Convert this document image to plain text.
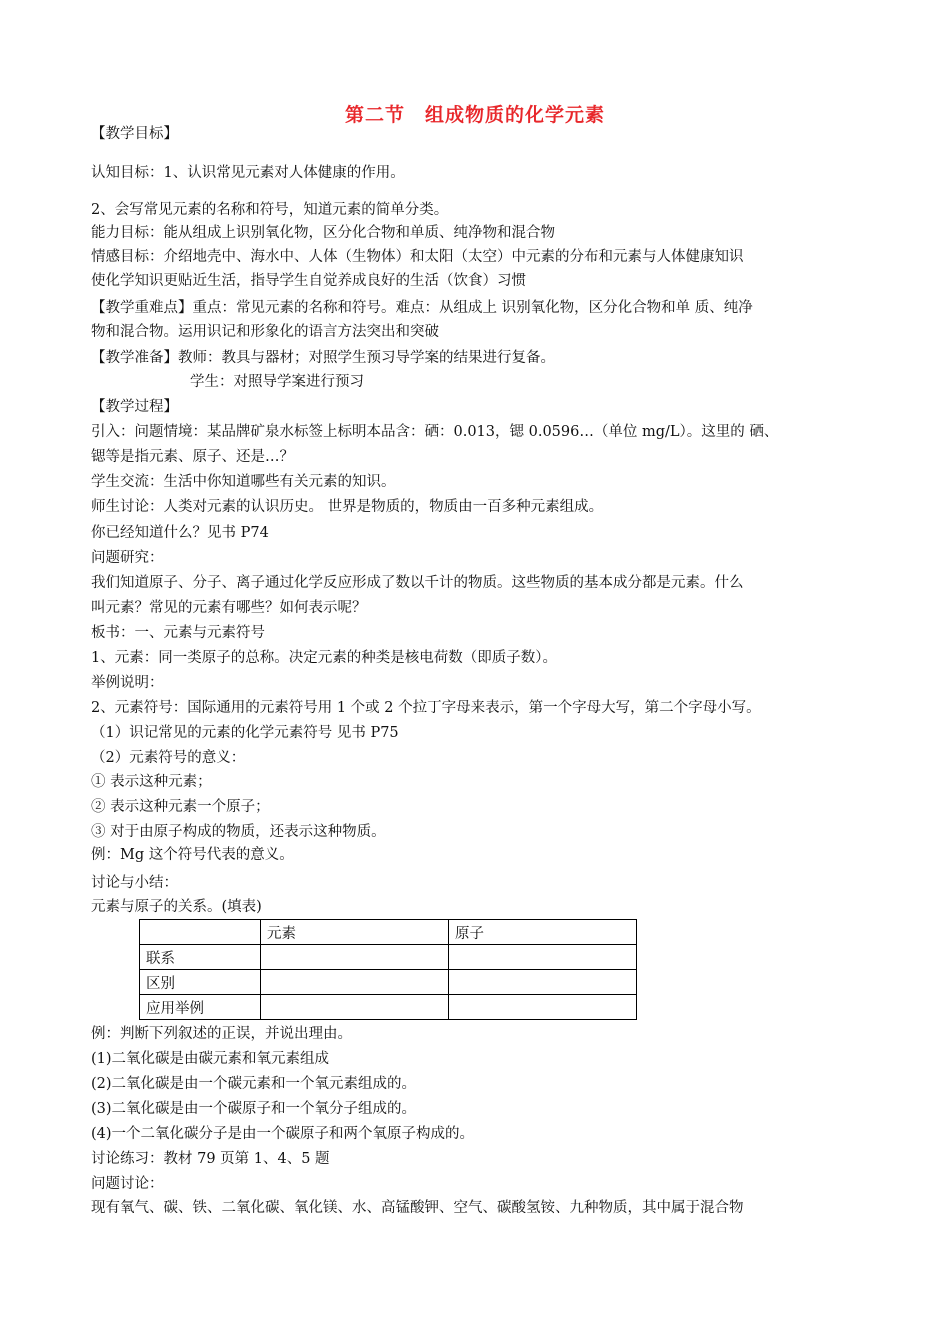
第二节　组成物质的化学元素
【教学目标】
认知目标：1、认识常见元素对人体健康的作用。
2、会写常见元素的名称和符号，知道元素的简单分类。
能力目标：能从组成上识别氧化物，区分化合物和单质、纯净物和混合物
情感目标：介绍地壳中、海水中、人体（生物体）和太阳（太空）中元素的分布和元素与人体健康知识
使化学知识更贴近生活，指导学生自觉养成良好的生活（饮食）习惯
【教学重难点】重点：常见元素的名称和符号。难点：从组成上 识别氧化物，区分化合物和单 质、纯净
物和混合物。运用识记和形象化的语言方法突出和突破
【教学准备】教师：教具与器材；对照学生预习导学案的结果进行复备。
学生：对照导学案进行预习
【教学过程】
引入：问题情境：某品牌矿泉水标签上标明本品含：硒：0.013，锶 0.0596…（单位 mg/L）。这里的 硒、
锶等是指元素、原子、还是…？
学生交流：生活中你知道哪些有关元素的知识。
师生讨论：人类对元素的认识历史。 世界是物质的，物质由一百多种元素组成。
你已经知道什么？见书 P74
问题研究：
我们知道原子、分子、离子通过化学反应形成了数以千计的物质。这些物质的基本成分都是元素。什么
叫元素？常见的元素有哪些？如何表示呢？
板书：一、元素与元素符号
1、元素：同一类原子的总称。决定元素的种类是核电荷数（即质子数）。
举例说明：
2、元素符号：国际通用的元素符号用 1 个或 2 个拉丁字母来表示，第一个字母大写，第二个字母小写。
（1）识记常见的元素的化学元素符号 见书 P75
（2）元素符号的意义：
① 表示这种元素；
② 表示这种元素一个原子；
③ 对于由原子构成的物质，还表示这种物质。
例：Mg 这个符号代表的意义。
讨论与小结：
元素与原子的关系。(填表)
	元素	原子
联系		
区别		
应用举例		
例：判断下列叙述的正误，并说出理由。
(1)二氧化碳是由碳元素和氧元素组成
(2)二氧化碳是由一个碳元素和一个氧元素组成的。
(3)二氧化碳是由一个碳原子和一个氧分子组成的。
(4)一个二氧化碳分子是由一个碳原子和两个氧原子构成的。
讨论练习：教材 79 页第 1、4、5 题
问题讨论：
现有氧气、碳、铁、二氧化碳、氧化镁、水、高锰酸钾、空气、碳酸氢铵、九种物质，其中属于混合物
